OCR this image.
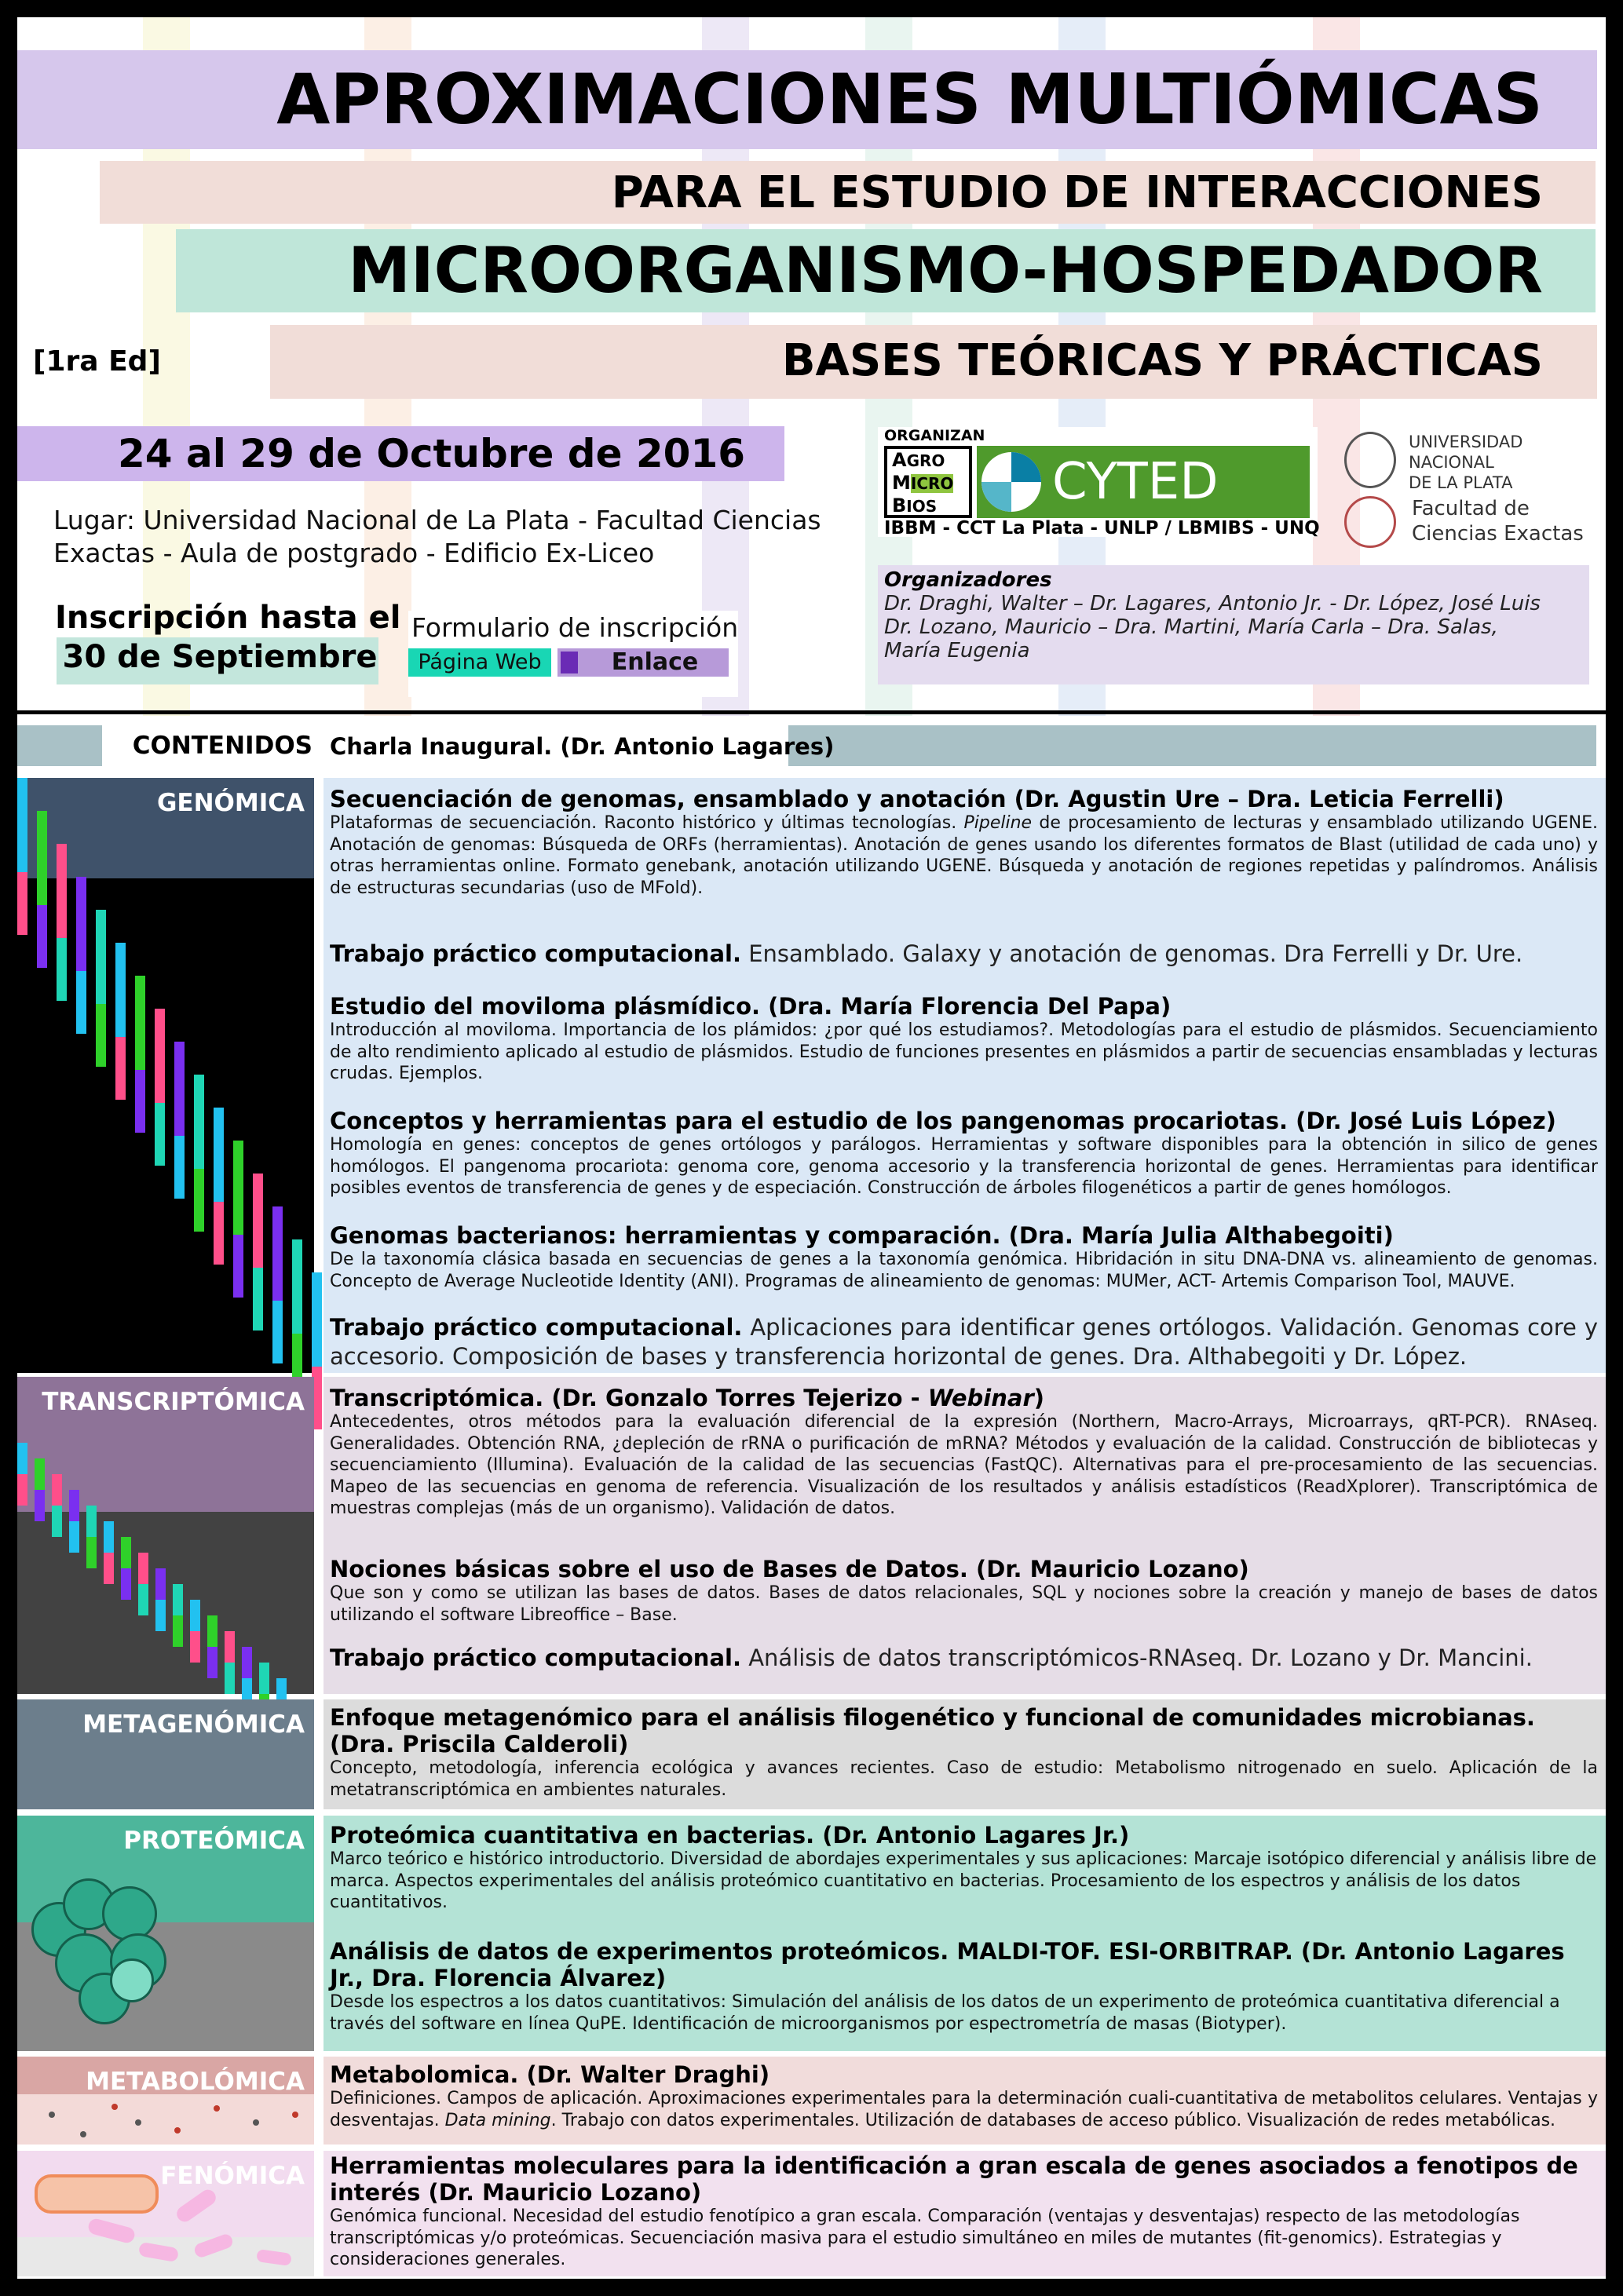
APROXIMACIONES MULTIÓMICAS
PARA EL ESTUDIO DE INTERACCIONES
MICROORGANISMO-HOSPEDADOR
BASES TEÓRICAS Y PRÁCTICAS
[1ra Ed]
24 al 29 de Octubre de 2016
Lugar: Universidad Nacional de La Plata - Facultad Ciencias
Exactas - Aula de postgrado - Edificio Ex-Liceo
Inscripción hasta el
30 de Septiembre
Formulario de inscripción
Página Web	Enlace
ORGANIZAN
AGRO
MICRO
BIOS	CYTED
IBBM - CCT La Plata - UNLP / LBMIBS - UNQ
UNIVERSIDAD
NACIONAL
DE LA PLATA
Facultad de
Ciencias Exactas
Organizadores
Dr. Draghi, Walter – Dr. Lagares, Antonio Jr. - Dr. López, José Luis
Dr. Lozano, Mauricio – Dra. Martini, María Carla – Dra. Salas,
María Eugenia
CONTENIDOS Charla Inaugural. (Dr. Antonio Lagares)
GENÓMICA Secuenciación de genomas, ensamblado y anotación (Dr. Agustin Ure – Dra. Leticia Ferrelli)
Plataformas de secuenciación. Raconto histórico y últimas tecnologías. Pipeline de procesamiento de lecturas y ensamblado utilizando UGENE. Anotación de genomas: Búsqueda de ORFs (herramientas). Anotación de genes usando los diferentes formatos de Blast (utilidad de cada uno) y otras herramientas online. Formato genebank, anotación utilizando UGENE. Búsqueda y anotación de regiones repetidas y palíndromos. Análisis de estructuras secundarias (uso de MFold).
Trabajo práctico computacional. Ensamblado. Galaxy y anotación de genomas. Dra Ferrelli y Dr. Ure.
Estudio del moviloma plásmídico. (Dra. María Florencia Del Papa)
Introducción al moviloma. Importancia de los plámidos: ¿por qué los estudiamos?. Metodologías para el estudio de plásmidos. Secuenciamiento de alto rendimiento aplicado al estudio de plásmidos. Estudio de funciones presentes en plásmidos a partir de secuencias ensambladas y lecturas crudas. Ejemplos.
Conceptos y herramientas para el estudio de los pangenomas procariotas. (Dr. José Luis López)
Homología en genes: conceptos de genes ortólogos y parálogos. Herramientas y software disponibles para la obtención in silico de genes homólogos. El pangenoma procariota: genoma core, genoma accesorio y la transferencia horizontal de genes. Herramientas para identificar posibles eventos de transferencia de genes y de especiación. Construcción de árboles filogenéticos a partir de genes homólogos.
Genomas bacterianos: herramientas y comparación. (Dra. María Julia Althabegoiti)
De la taxonomía clásica basada en secuencias de genes a la taxonomía genómica. Hibridación in situ DNA-DNA vs. alineamiento de genomas. Concepto de Average Nucleotide Identity (ANI). Programas de alineamiento de genomas: MUMer, ACT- Artemis Comparison Tool, MAUVE.
Trabajo práctico computacional. Aplicaciones para identificar genes ortólogos. Validación. Genomas core y accesorio. Composición de bases y transferencia horizontal de genes. Dra. Althabegoiti y Dr. López.
TRANSCRIPTÓMICA Transcriptómica. (Dr. Gonzalo Torres Tejerizo - Webinar)
Antecedentes, otros métodos para la evaluación diferencial de la expresión (Northern, Macro-Arrays, Microarrays, qRT-PCR). RNAseq. Generalidades. Obtención RNA, ¿depleción de rRNA o purificación de mRNA? Métodos y evaluación de la calidad. Construcción de bibliotecas y secuenciamiento (Illumina). Evaluación de la calidad de las secuencias (FastQC). Alternativas para el pre-procesamiento de las secuencias. Mapeo de las secuencias en genoma de referencia. Visualización de los resultados y análisis estadísticos (ReadXplorer). Transcriptómica de muestras complejas (más de un organismo). Validación de datos.
Nociones básicas sobre el uso de Bases de Datos. (Dr. Mauricio Lozano)
Que son y como se utilizan las bases de datos. Bases de datos relacionales, SQL y nociones sobre la creación y manejo de bases de datos utilizando el software Libreoffice – Base.
Trabajo práctico computacional. Análisis de datos transcriptómicos-RNAseq. Dr. Lozano y Dr. Mancini.
METAGENÓMICA Enfoque metagenómico para el análisis filogenético y funcional de comunidades microbianas.
(Dra. Priscila Calderoli)
Concepto, metodología, inferencia ecológica y avances recientes. Caso de estudio: Metabolismo nitrogenado en suelo. Aplicación de la metatranscriptómica en ambientes naturales.
PROTEÓMICA Proteómica cuantitativa en bacterias. (Dr. Antonio Lagares Jr.)
Marco teórico e histórico introductorio. Diversidad de abordajes experimentales y sus aplicaciones: Marcaje isotópico diferencial y análisis libre de marca. Aspectos experimentales del análisis proteómico cuantitativo en bacterias. Procesamiento de los espectros y análisis de los datos cuantitativos.
Análisis de datos de experimentos proteómicos. MALDI-TOF. ESI-ORBITRAP. (Dr. Antonio Lagares Jr., Dra. Florencia Álvarez)
Desde los espectros a los datos cuantitativos: Simulación del análisis de los datos de un experimento de proteómica cuantitativa diferencial a través del software en línea QuPE. Identificación de microorganismos por espectrometría de masas (Biotyper).
METABOLÓMICA Metabolomica. (Dr. Walter Draghi)
Definiciones. Campos de aplicación. Aproximaciones experimentales para la determinación cuali-cuantitativa de metabolitos celulares. Ventajas y desventajas. Data mining. Trabajo con datos experimentales. Utilización de databases de acceso público. Visualización de redes metabólicas.
FENÓMICA Herramientas moleculares para la identificación a gran escala de genes asociados a fenotipos de interés (Dr. Mauricio Lozano)
Genómica funcional. Necesidad del estudio fenotípico a gran escala. Comparación (ventajas y desventajas) respecto de las metodologías transcriptómicas y/o proteómicas. Secuenciación masiva para el estudio simultáneo en miles de mutantes (fit-genomics). Estrategias y consideraciones generales.
